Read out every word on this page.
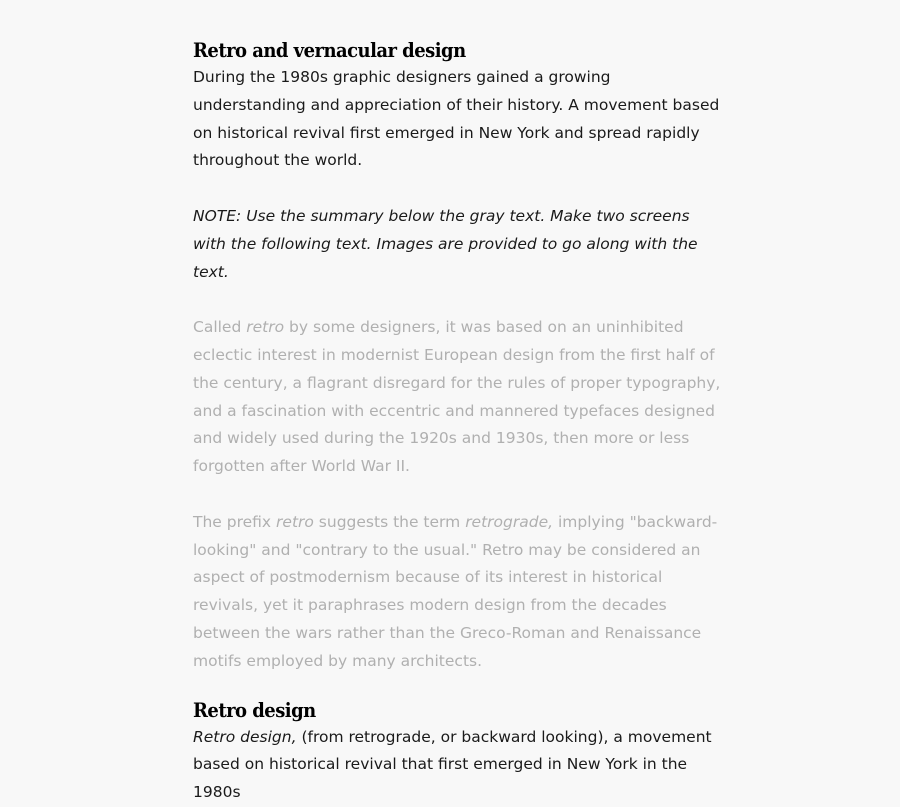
Retro and vernacular design

During the 1980s graphic designers gained a growing understanding and appreciation of their history. A movement based on historical revival first emerged in New York and spread rapidly throughout the world.

NOTE: Use the summary below the gray text. Make two screens with the following text. Images are provided to go along with the text.

Called retro by some designers, it was based on an uninhibited eclectic interest in modernist European design from the first half of the century, a flagrant disregard for the rules of proper typography, and a fascination with eccentric and mannered typefaces designed and widely used during the 1920s and 1930s, then more or less forgotten after World War II.

The prefix retro suggests the term retrograde, implying "backward-looking" and "contrary to the usual." Retro may be considered an aspect of postmodernism because of its interest in historical revivals, yet it paraphrases modern design from the decades between the wars rather than the Greco-Roman and Renaissance motifs employed by many architects.

Retro design

Retro design, (from retrograde, or backward looking), a movement based on historical revival that first emerged in New York in the 1980s
